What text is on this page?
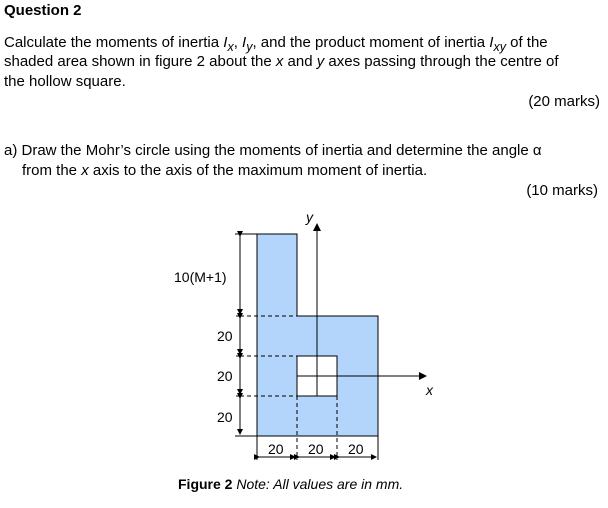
Question 2
Calculate the moments of inertia $I_x$, $I_y$, and the product moment of inertia $I_{xy}$ of the
shaded area shown in figure 2 about the x and y axes passing through the centre of
the hollow square.
(20 marks)
a) Draw the Mohr’s circle using the moments of inertia and determine the angle α
from the x axis to the axis of the maximum moment of inertia.
(10 marks)
y
x
10(M+1)
20
20
20
20 20 20
Figure 2 Note: All values are in mm.
